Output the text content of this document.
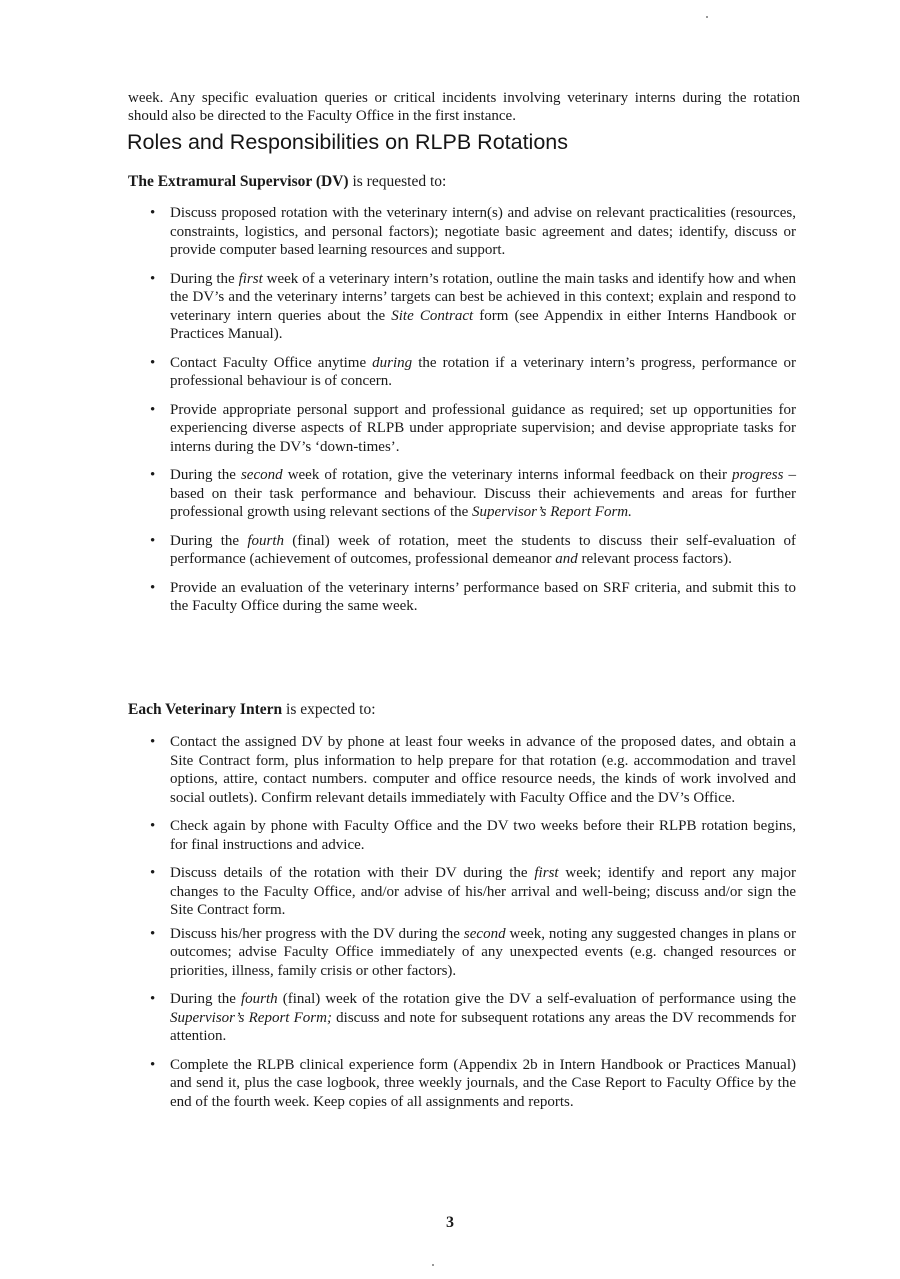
week. Any specific evaluation queries or critical incidents involving veterinary interns during the rotation should also be directed to the Faculty Office in the first instance.

Roles and Responsibilities on RLPB Rotations

The Extramural Supervisor (DV) is requested to:

• Discuss proposed rotation with the veterinary intern(s) and advise on relevant practicalities (resources, constraints, logistics, and personal factors); negotiate basic agreement and dates; identify, discuss or provide computer based learning resources and support.
• During the first week of a veterinary intern’s rotation, outline the main tasks and identify how and when the DV’s and the veterinary interns’ targets can best be achieved in this context; explain and respond to veterinary intern queries about the Site Contract form (see Appendix in either Interns Handbook or Practices Manual).
• Contact Faculty Office anytime during the rotation if a veterinary intern’s progress, performance or professional behaviour is of concern.
• Provide appropriate personal support and professional guidance as required; set up opportunities for experiencing diverse aspects of RLPB under appropriate supervision; and devise appropriate tasks for interns during the DV’s ‘down-times’.
• During the second week of rotation, give the veterinary interns informal feedback on their progress – based on their task performance and behaviour. Discuss their achievements and areas for further professional growth using relevant sections of the Supervisor’s Report Form.
• During the fourth (final) week of rotation, meet the students to discuss their self-evaluation of performance (achievement of outcomes, professional demeanor and relevant process factors).
• Provide an evaluation of the veterinary interns’ performance based on SRF criteria, and submit this to the Faculty Office during the same week.

Each Veterinary Intern is expected to:

• Contact the assigned DV by phone at least four weeks in advance of the proposed dates, and obtain a Site Contract form, plus information to help prepare for that rotation (e.g. accommodation and travel options, attire, contact numbers. computer and office resource needs, the kinds of work involved and social outlets). Confirm relevant details immediately with Faculty Office and the DV’s Office.
• Check again by phone with Faculty Office and the DV two weeks before their RLPB rotation begins, for final instructions and advice.
• Discuss details of the rotation with their DV during the first week; identify and report any major changes to the Faculty Office, and/or advise of his/her arrival and well-being; discuss and/or sign the Site Contract form.
• Discuss his/her progress with the DV during the second week, noting any suggested changes in plans or outcomes; advise Faculty Office immediately of any unexpected events (e.g. changed resources or priorities, illness, family crisis or other factors).
• During the fourth (final) week of the rotation give the DV a self-evaluation of performance using the Supervisor’s Report Form; discuss and note for subsequent rotations any areas the DV recommends for attention.
• Complete the RLPB clinical experience form (Appendix 2b in Intern Handbook or Practices Manual) and send it, plus the case logbook, three weekly journals, and the Case Report to Faculty Office by the end of the fourth week. Keep copies of all assignments and reports.
3
